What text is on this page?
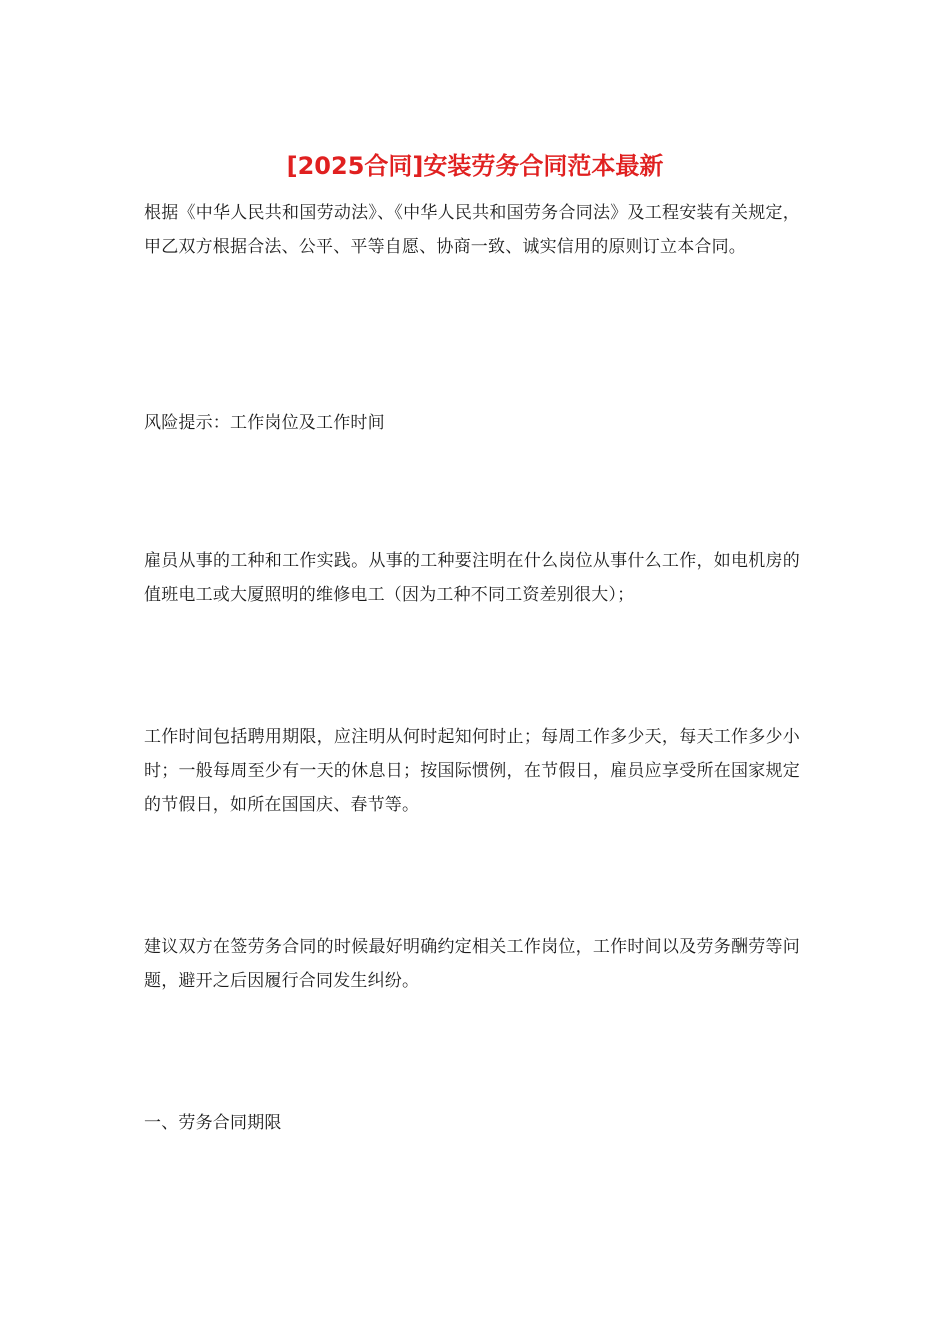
[2025合同]安装劳务合同范本最新

根据《中华人民共和国劳动法》、《中华人民共和国劳务合同法》及工程安装有关规定，甲乙双方根据合法、公平、平等自愿、协商一致、诚实信用的原则订立本合同。

风险提示：工作岗位及工作时间

雇员从事的工种和工作实践。从事的工种要注明在什么岗位从事什么工作，如电机房的值班电工或大厦照明的维修电工（因为工种不同工资差别很大）；

工作时间包括聘用期限，应注明从何时起知何时止；每周工作多少天，每天工作多少小时；一般每周至少有一天的休息日；按国际惯例，在节假日，雇员应享受所在国家规定的节假日，如所在国国庆、春节等。

建议双方在签劳务合同的时候最好明确约定相关工作岗位，工作时间以及劳务酬劳等问题，避开之后因履行合同发生纠纷。

一、劳务合同期限
